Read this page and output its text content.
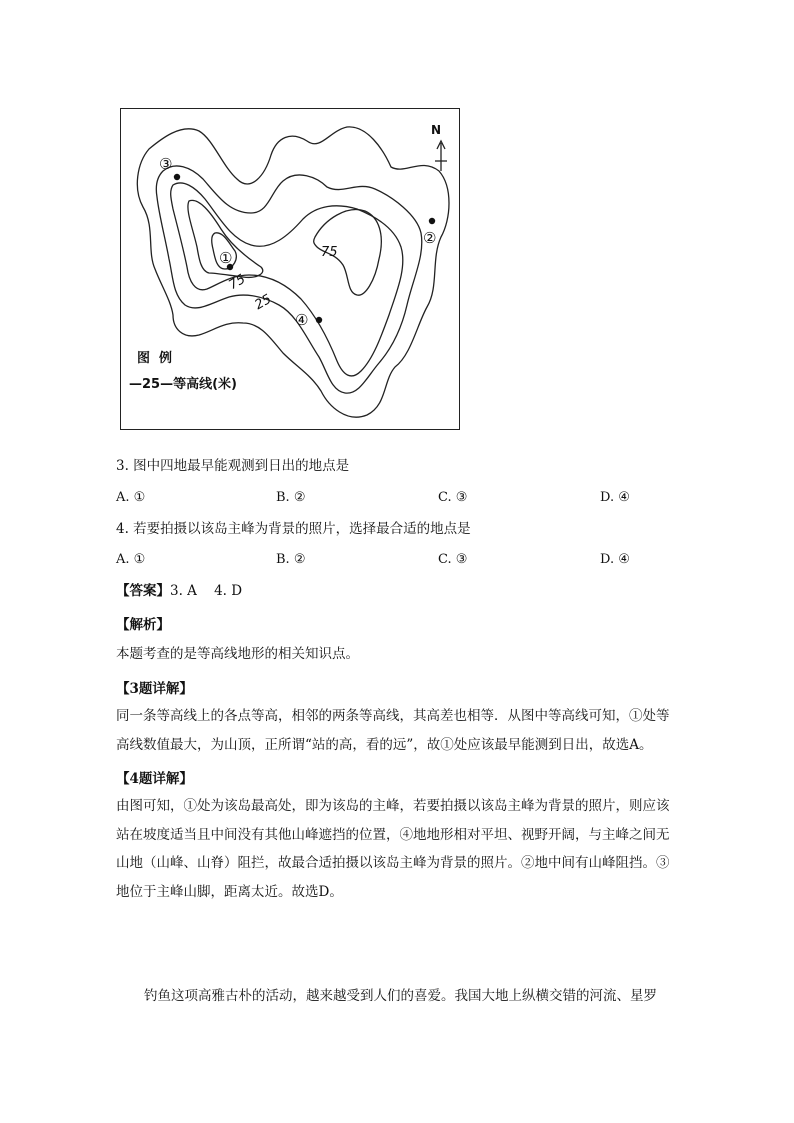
N
75
75
25
①
②
③
④
图  例
—25—等高线(米)
3. 图中四地最早能观测到日出的地点是
A. ①	B. ②	C. ③	D. ④
4. 若要拍摄以该岛主峰为背景的照片，选择最合适的地点是
A. ①	B. ②	C. ③	D. ④
【答案】3. A    4. D
【解析】
本题考查的是等高线地形的相关知识点。
【3题详解】
同一条等高线上的各点等高，相邻的两条等高线，其高差也相等．从图中等高线可知，①处等高线数值最大，为山顶，正所谓“站的高，看的远”，故①处应该最早能测到日出，故选A。
【4题详解】
由图可知，①处为该岛最高处，即为该岛的主峰，若要拍摄以该岛主峰为背景的照片，则应该站在坡度适当且中间没有其他山峰遮挡的位置，④地地形相对平坦、视野开阔，与主峰之间无山地（山峰、山脊）阻拦，故最合适拍摄以该岛主峰为背景的照片。②地中间有山峰阻挡。③地位于主峰山脚，距离太近。故选D。
钓鱼这项高雅古朴的活动，越来越受到人们的喜爱。我国大地上纵横交错的河流、星罗
